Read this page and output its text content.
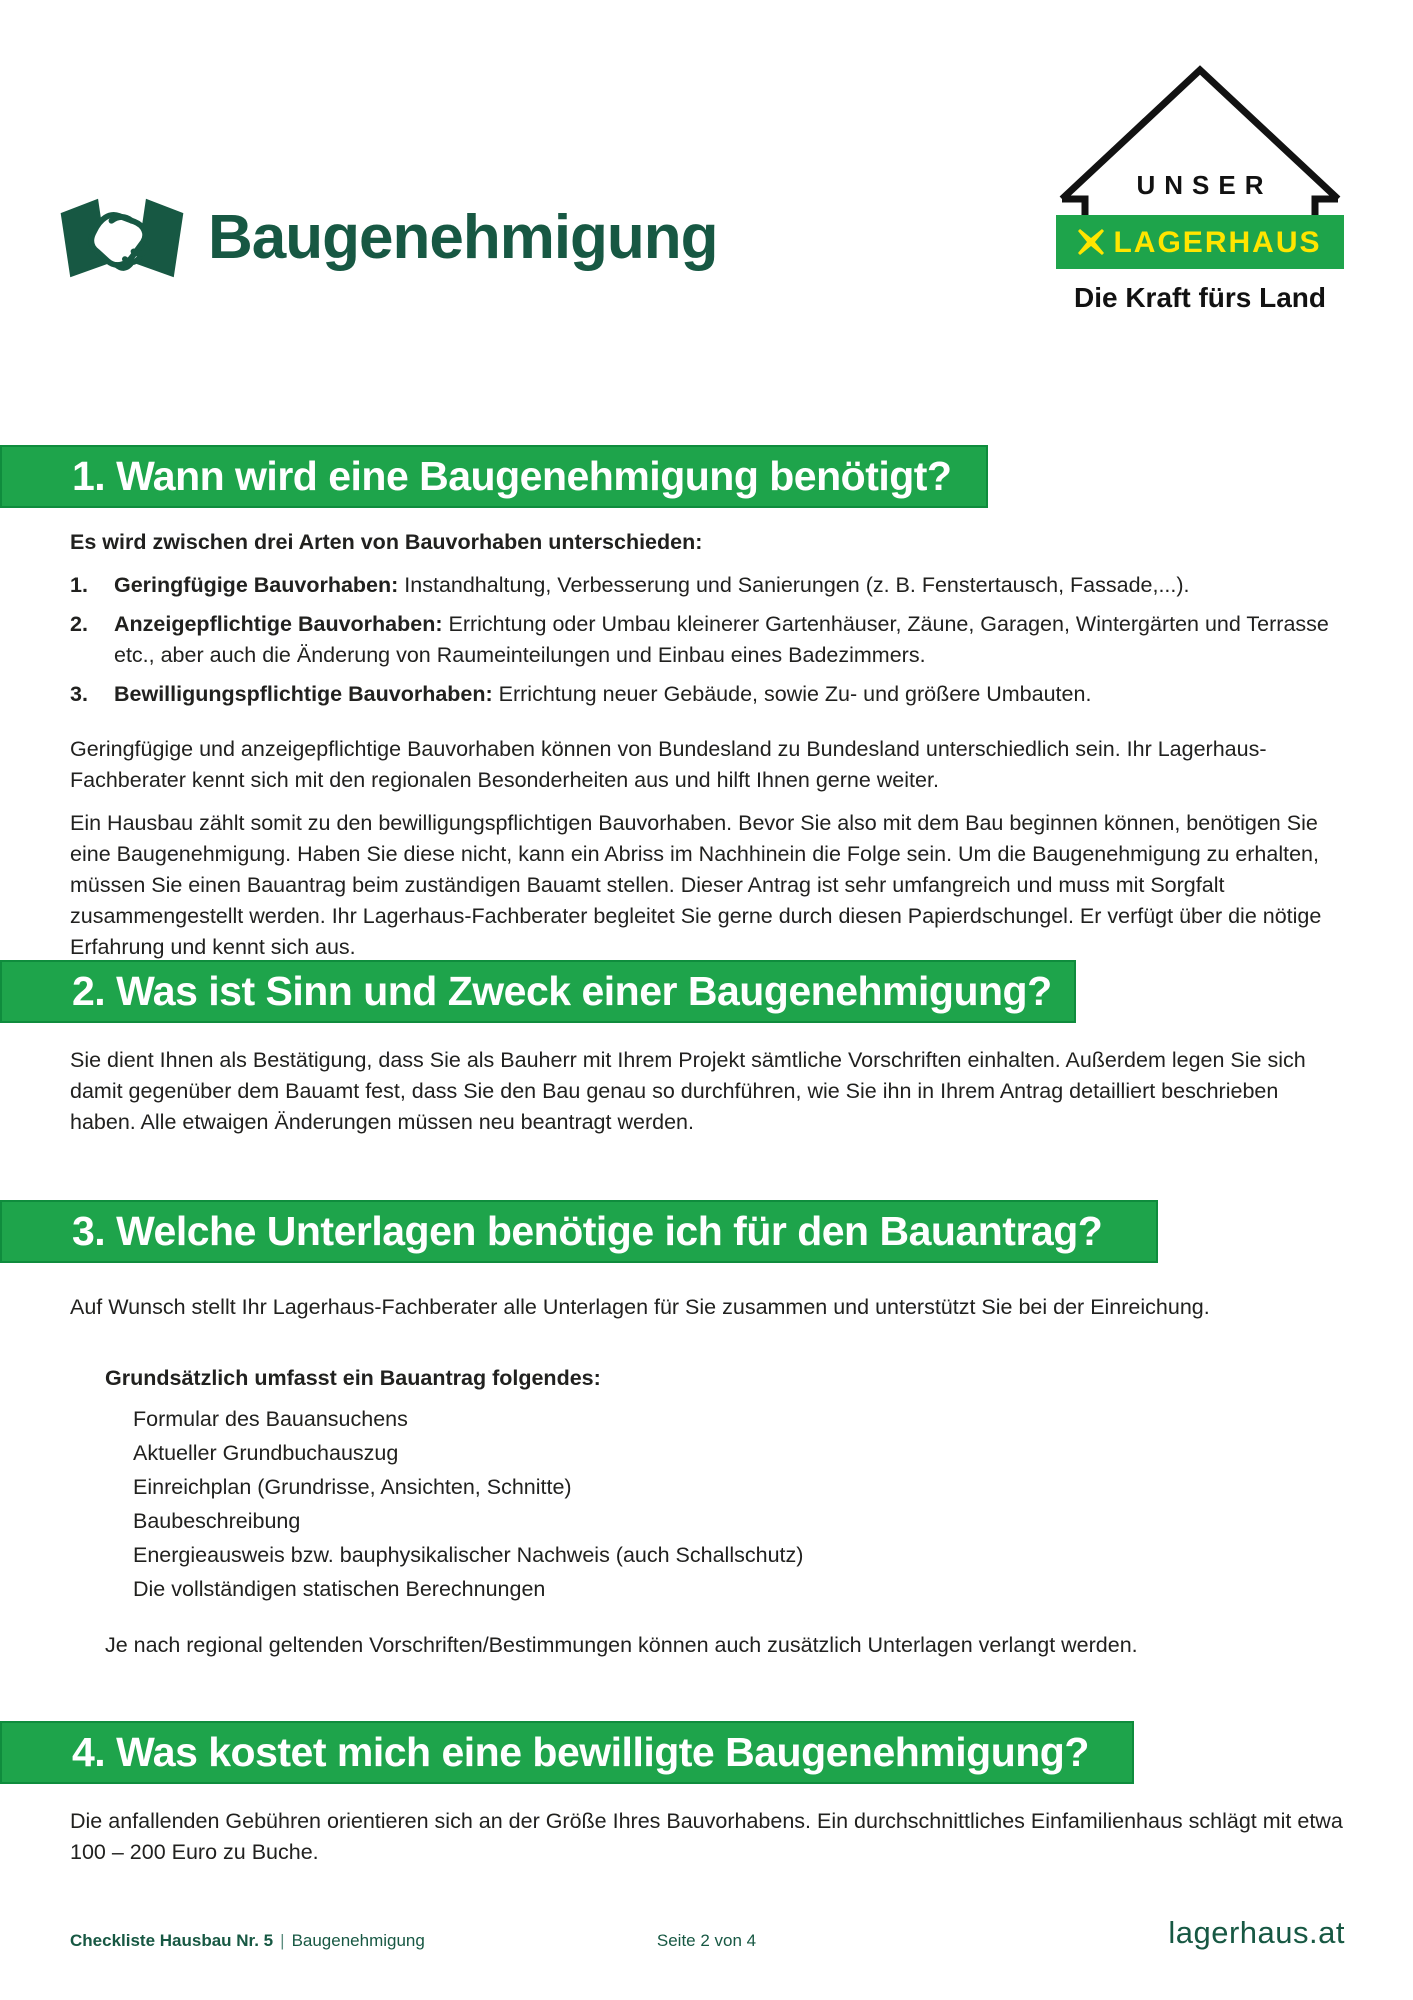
Baugenehmigung
UNSER
LAGERHAUS
Die Kraft fürs Land
1. Wann wird eine Baugenehmigung benötigt?

Es wird zwischen drei Arten von Bauvorhaben unterschieden:

1.	Geringfügige Bauvorhaben: Instandhaltung, Verbesserung und Sanierungen (z. B. Fenstertausch, Fassade,...).
2.	Anzeigepflichtige Bauvorhaben: Errichtung oder Umbau kleinerer Gartenhäuser, Zäune, Garagen, Wintergärten und Terrasse etc., aber auch die Änderung von Raumeinteilungen und Einbau eines Badezimmers.
3.	Bewilligungspflichtige Bauvorhaben: Errichtung neuer Gebäude, sowie Zu- und größere Umbauten.

Geringfügige und anzeigepflichtige Bauvorhaben können von Bundesland zu Bundesland unterschiedlich sein. Ihr Lagerhaus-Fachberater kennt sich mit den regionalen Besonderheiten aus und hilft Ihnen gerne weiter.

Ein Hausbau zählt somit zu den bewilligungspflichtigen Bauvorhaben. Bevor Sie also mit dem Bau beginnen können, benötigen Sie eine Baugenehmigung. Haben Sie diese nicht, kann ein Abriss im Nachhinein die Folge sein. Um die Baugenehmigung zu erhalten, müssen Sie einen Bauantrag beim zuständigen Bauamt stellen. Dieser Antrag ist sehr umfangreich und muss mit Sorgfalt zusammengestellt werden. Ihr Lagerhaus-Fachberater begleitet Sie gerne durch diesen Papierdschungel. Er verfügt über die nötige Erfahrung und kennt sich aus.

2. Was ist Sinn und Zweck einer Baugenehmigung?

Sie dient Ihnen als Bestätigung, dass Sie als Bauherr mit Ihrem Projekt sämtliche Vorschriften einhalten. Außerdem legen Sie sich damit gegenüber dem Bauamt fest, dass Sie den Bau genau so durchführen, wie Sie ihn in Ihrem Antrag detailliert beschrieben haben. Alle etwaigen Änderungen müssen neu beantragt werden.

3. Welche Unterlagen benötige ich für den Bauantrag?

Auf Wunsch stellt Ihr Lagerhaus-Fachberater alle Unterlagen für Sie zusammen und unterstützt Sie bei der Einreichung.

Grundsätzlich umfasst ein Bauantrag folgendes:

Formular des Bauansuchens
Aktueller Grundbuchauszug
Einreichplan (Grundrisse, Ansichten, Schnitte)
Baubeschreibung
Energieausweis bzw. bauphysikalischer Nachweis (auch Schallschutz)
Die vollständigen statischen Berechnungen

Je nach regional geltenden Vorschriften/Bestimmungen können auch zusätzlich Unterlagen verlangt werden.

4. Was kostet mich eine bewilligte Baugenehmigung?

Die anfallenden Gebühren orientieren sich an der Größe Ihres Bauvorhabens. Ein durchschnittliches Einfamilienhaus schlägt mit etwa 100 – 200 Euro zu Buche.

Checkliste Hausbau Nr. 5 | Baugenehmigung	Seite 2 von 4	lagerhaus.at
